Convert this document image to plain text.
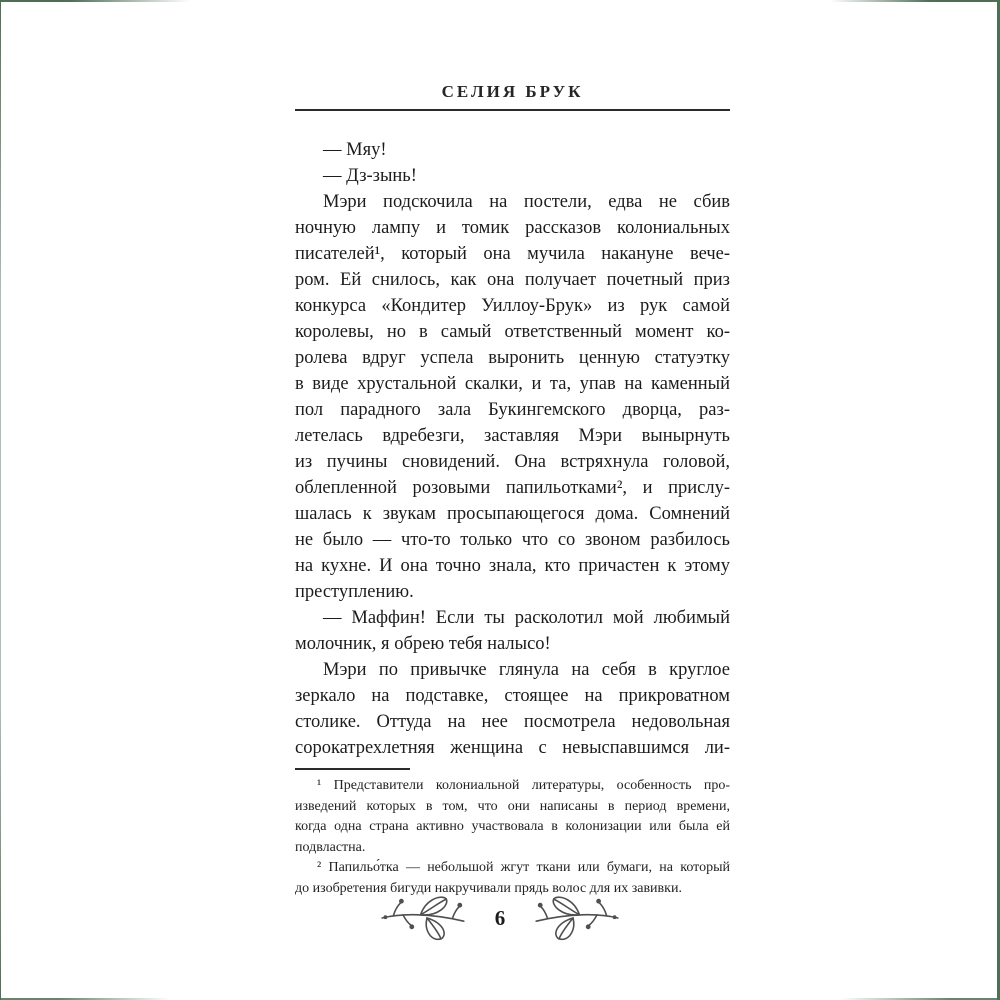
СЕЛИЯ БРУК
— Мяу!
— Дз-зынь!
Мэри подскочила на постели, едва не сбив
ночную лампу и томик рассказов колониальных
писателей¹, который она мучила накануне вече-
ром. Ей снилось, как она получает почетный приз
конкурса «Кондитер Уиллоу-Брук» из рук самой
королевы, но в самый ответственный момент ко-
ролева вдруг успела выронить ценную статуэтку
в виде хрустальной скалки, и та, упав на каменный
пол парадного зала Букингемского дворца, раз-
летелась вдребезги, заставляя Мэри вынырнуть
из пучины сновидений. Она встряхнула головой,
облепленной розовыми папильотками², и прислу-
шалась к звукам просыпающегося дома. Сомнений
не было — что-то только что со звоном разбилось
на кухне. И она точно знала, кто причастен к этому
преступлению.
— Маффин! Если ты расколотил мой любимый
молочник, я обрею тебя налысо!
Мэри по привычке глянула на себя в круглое
зеркало на подставке, стоящее на прикроватном
столике. Оттуда на нее посмотрела недовольная
сорокатрехлетняя женщина с невыспавшимся ли-
¹ Представители колониальной литературы, особенность про-
изведений которых в том, что они написаны в период времени,
когда одна страна активно участвовала в колонизации или была ей
подвластна.
² Папильо́тка — небольшой жгут ткани или бумаги, на который
до изобретения бигуди накручивали прядь волос для их завивки.
6
